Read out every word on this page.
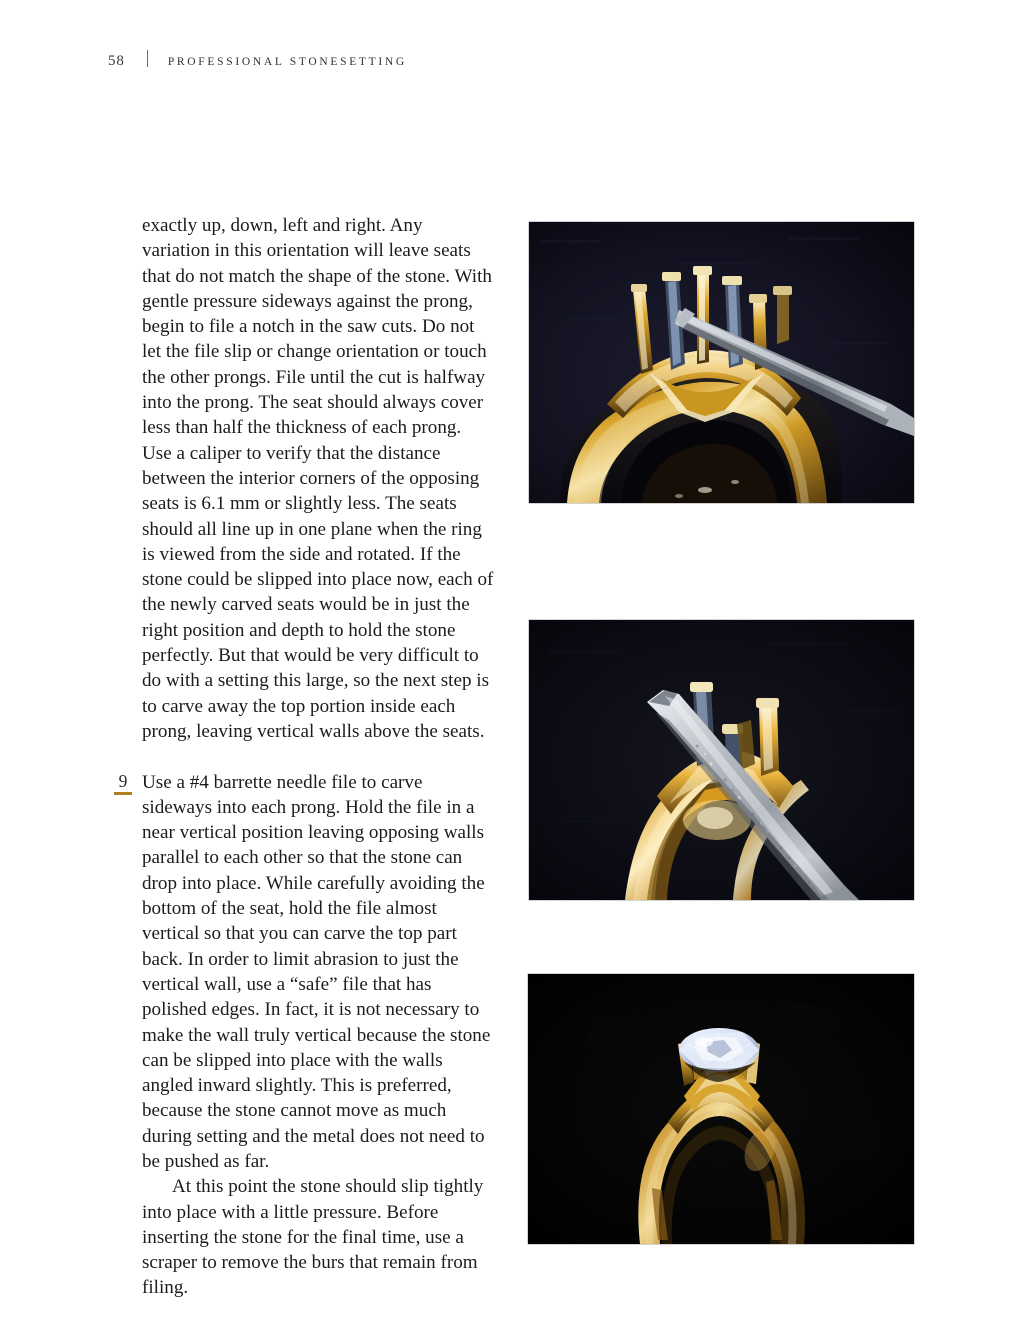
58	PROFESSIONAL STONESETTING

exactly up, down, left and right. Any variation in this orientation will leave seats that do not match the shape of the stone. With gentle pressure sideways against the prong, begin to file a notch in the saw cuts. Do not let the file slip or change orientation or touch the other prongs. File until the cut is halfway into the prong. The seat should always cover less than half the thickness of each prong. Use a caliper to verify that the distance between the interior corners of the opposing seats is 6.1 mm or slightly less. The seats should all line up in one plane when the ring is viewed from the side and rotated. If the stone could be slipped into place now, each of the newly carved seats would be in just the right position and depth to hold the stone perfectly. But that would be very difficult to do with a setting this large, so the next step is to carve away the top portion inside each prong, leaving vertical walls above the seats.

9 Use a #4 barrette needle file to carve sideways into each prong. Hold the file in a near vertical position leaving opposing walls parallel to each other so that the stone can drop into place. While carefully avoiding the bottom of the seat, hold the file almost vertical so that you can carve the top part back. In order to limit abrasion to just the vertical wall, use a “safe” file that has polished edges. In fact, it is not necessary to make the wall truly vertical because the stone can be slipped into place with the walls angled inward slightly. This is preferred, because the stone cannot move as much during setting and the metal does not need to be pushed as far.

At this point the stone should slip tightly into place with a little pressure. Before inserting the stone for the final time, use a scraper to remove the burs that remain from filing.
